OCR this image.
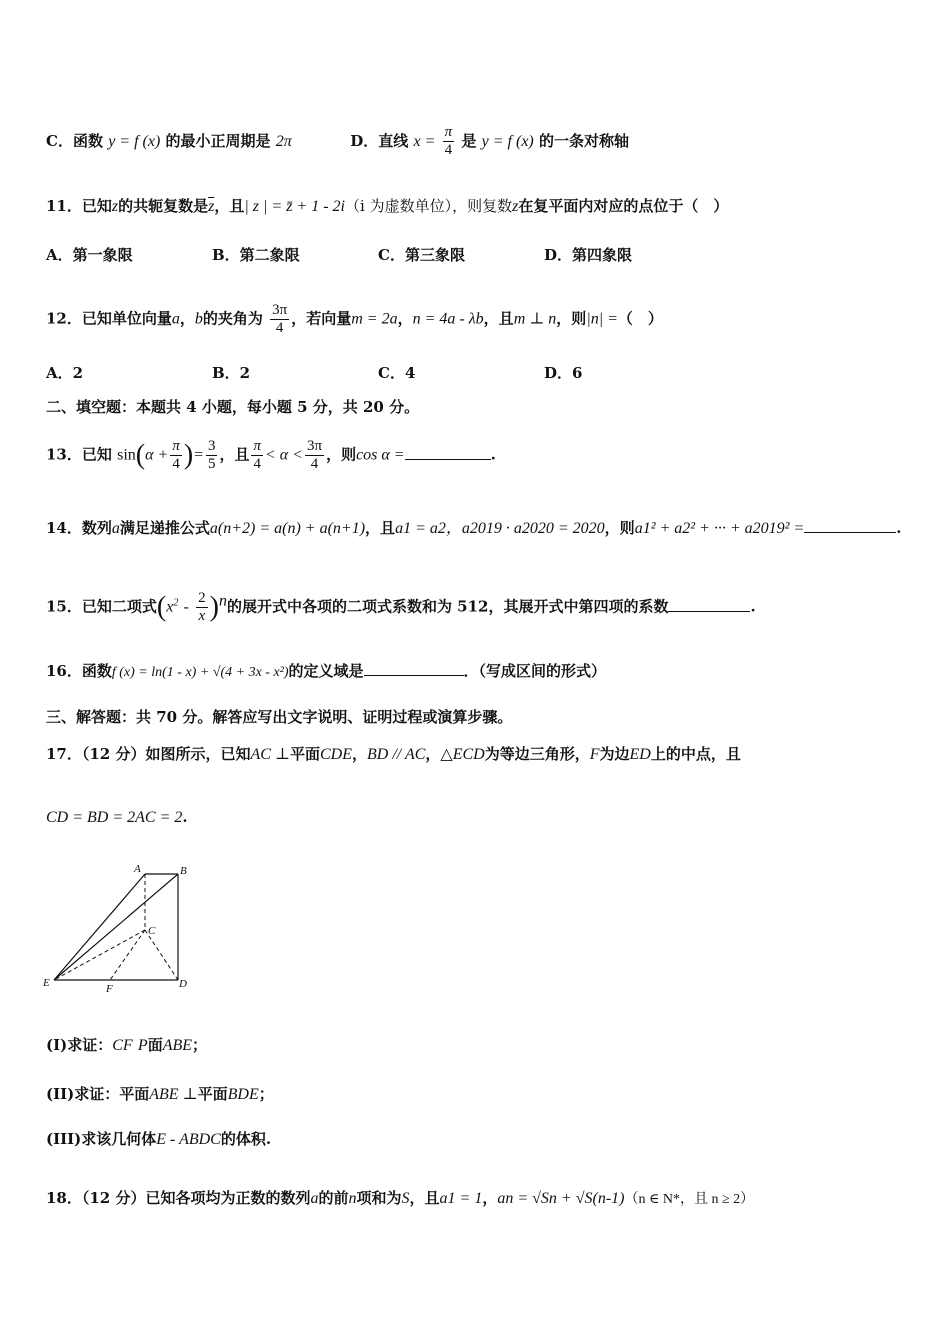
C．函数 y = f (x) 的最小正周期是 2π	D．直线 $x = \frac{\pi}{4}$ 是 y = f (x) 的一条对称轴
11．已知z的共轭复数是$\overline{z}$，且| z | = z̄ + 1 - 2i（i 为虚数单位），则复数z在复平面内对应的点位于（　）
A．第一象限	B．第二象限	C．第三象限	D．第四象限
12．已知单位向量a，b的夹角为 $\frac{3\pi}{4}$ ，若向量m = 2a，n = 4a - λb，且m ⊥ n，则|n| =（　）
A．2	B．2	C．4	D．6
二、填空题：本题共 4 小题，每小题 5 分，共 20 分。
13．已知 $\sin(\alpha + \frac{\pi}{4}$ )= $\frac{3}{5}$ ，且 $\frac{\pi}{4} < \alpha < \frac{3\pi}{4}$ ，则cos α =	.
14．数列a满足递推公式a(n+2) = a(n) + a(n+1)，且a1 = a2，a2019 · a2020 = 2020，则a1² + a2² + ··· + a2019² =	.
15．已知二项式$(x^2 - \frac{2}{x} )^n$的展开式中各项的二项式系数和为 512，其展开式中第四项的系数	.
16．函数f (x) = ln(1 - x) + √(4 + 3x - x²)的定义域是	．（写成区间的形式）
三、解答题：共 70 分。解答应写出文字说明、证明过程或演算步骤。
17．（12 分）如图所示，已知AC ⊥平面CDE，BD // AC，△ECD为等边三角形，F为边ED上的中点，且
CD = BD = 2AC = 2.
A	B
C
D
E	F
(I)求证：CF P面ABE；
(II)求证：平面ABE ⊥平面BDE；
(III)求该几何体E - ABDC的体积.
18．（12 分）已知各项均为正数的数列a的前n项和为S，且a1 = 1，an = √Sn + √S(n-1)（n ∈ N*，且 n ≥ 2）
